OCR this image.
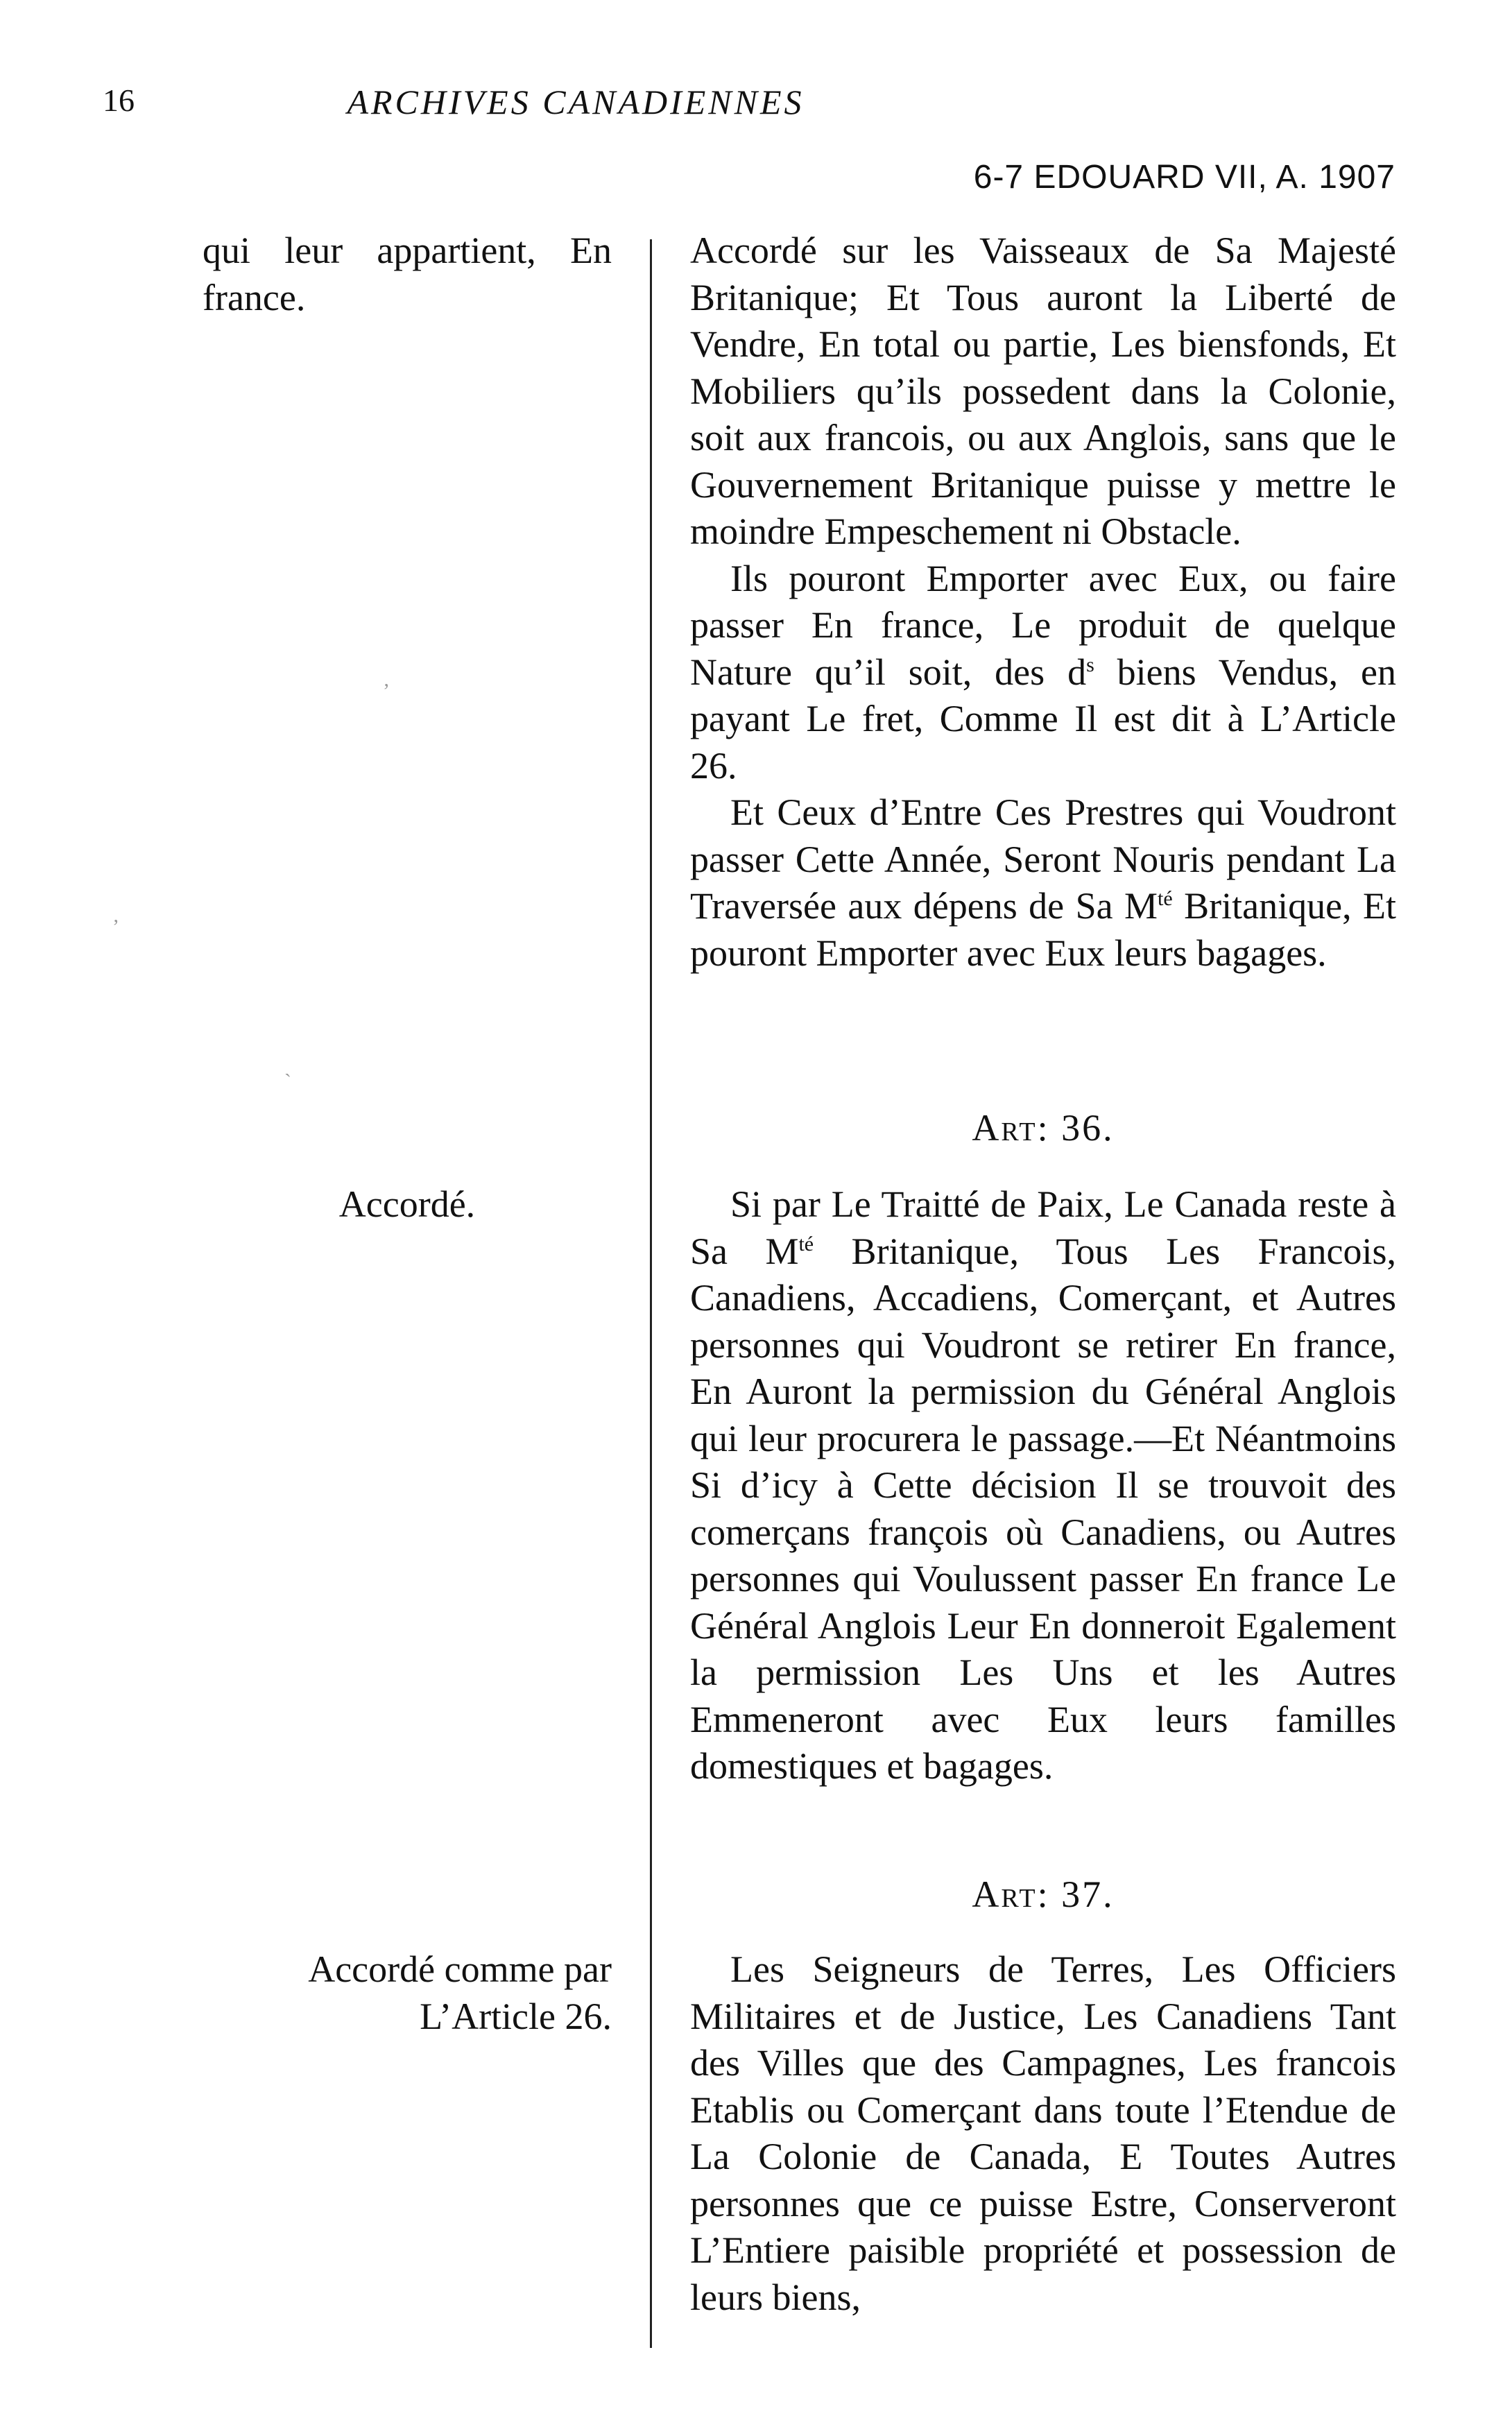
16	ARCHIVES CANADIENNES
6-7 EDOUARD VII, A. 1907

qui leur appartient, En france.

Accordé.

Accordé comme par L’Article 26.

Accordé sur les Vaisseaux de Sa Majesté Britanique; Et Tous auront la Liberté de Vendre, En total ou partie, Les biensfonds, Et Mobiliers qu’ils possedent dans la Colonie, soit aux francois, ou aux Anglois, sans que le Gouvernement Britanique puisse y mettre le moindre Empeschement ni Obstacle.

Ils pouront Emporter avec Eux, ou faire passer En france, Le produit de quelque Nature qu’il soit, des $d^s$ biens Vendus, en payant Le fret, Comme Il est dit à L’Article 26.

Et Ceux d’Entre Ces Prestres qui Voudront passer Cette Année, Seront Nouris pendant La Traversée aux dépens de Sa $M^{té}$ Britanique, Et pouront Emporter avec Eux leurs bagages.

Art: 36.

Si par Le Traitté de Paix, Le Canada reste à Sa $M^{té}$ Britanique, Tous Les Francois, Canadiens, Accadiens, Comerçant, et Autres personnes qui Voudront se retirer En france, En Auront la permission du Général Anglois qui leur procurera le passage.—Et Néantmoins Si d’icy à Cette décision Il se trouvoit des comerçans françois où Canadiens, ou Autres personnes qui Voulussent passer En france Le Général Anglois Leur En donneroit Egalement la permission Les Uns et les Autres Emmeneront avec Eux leurs familles domestiques et bagages.

Art: 37.

Les Seigneurs de Terres, Les Officiers Militaires et de Justice, Les Canadiens Tant des Villes que des Campagnes, Les francois Etablis ou Comerçant dans toute l’Etendue de La Colonie de Canada, E Toutes Autres personnes que ce puisse Estre, Conserveront L’Entiere paisible propriété et possession de leurs biens,

ʼ
ʼ
ˎ
